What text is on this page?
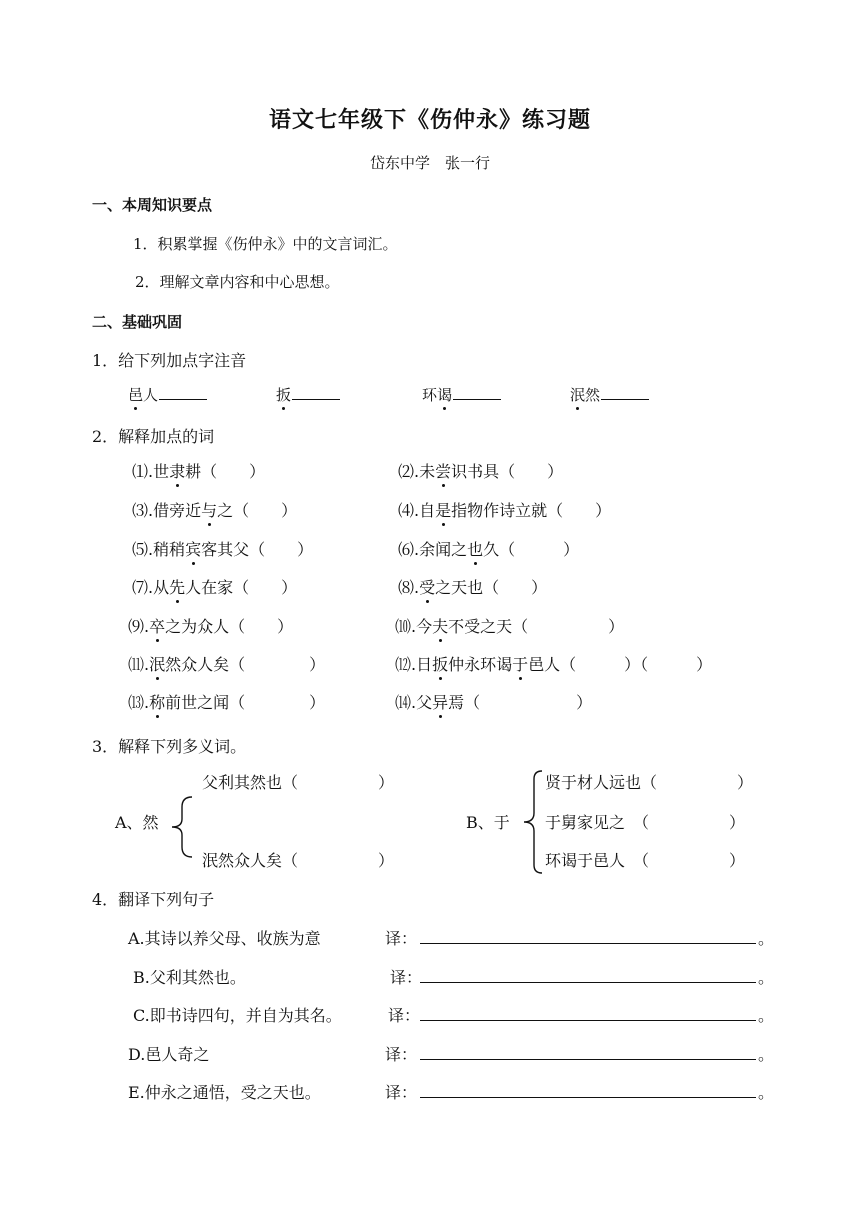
语文七年级下《伤仲永》练习题
岱东中学　张一行
一、本周知识要点
1．积累掌握《伤仲永》中的文言词汇。
2．理解文章内容和中心思想。
二、基础巩固
1．给下列加点字注音
邑人	扳	环谒	泯然
2．解释加点的词
⑴.世隶耕（　　）	⑵.未尝识书具（　　）
⑶.借旁近与之（　　）	⑷.自是指物作诗立就（　　）
⑸.稍稍宾客其父（　　）	⑹.余闻之也久（　　　）
⑺.从先人在家（　　）	⑻.受之天也（　　）
⑼.卒之为众人（　　）	⑽.今夫不受之天（　　　　　）
⑾.泯然众人矣（　　　　）	⑿.日扳仲永环谒于邑人（　　　）（　　　）
⒀.称前世之闻（　　　　）	⒁.父异焉（　　　　　　）
3．解释下列多义词。
父利其然也（　　　　　）
A、然
泯然众人矣（　　　　　）
贤于材人远也（　　　　　）
B、于 于舅家见之　（　　　　　）
环谒于邑人　（　　　　　）
4．翻译下列句子
A.其诗以养父母、收族为意	译：	。
B.父利其然也。	译：	。
C.即书诗四句，并自为其名。	译：	。
D.邑人奇之	译：	。
E.仲永之通悟，受之天也。	译：	。
